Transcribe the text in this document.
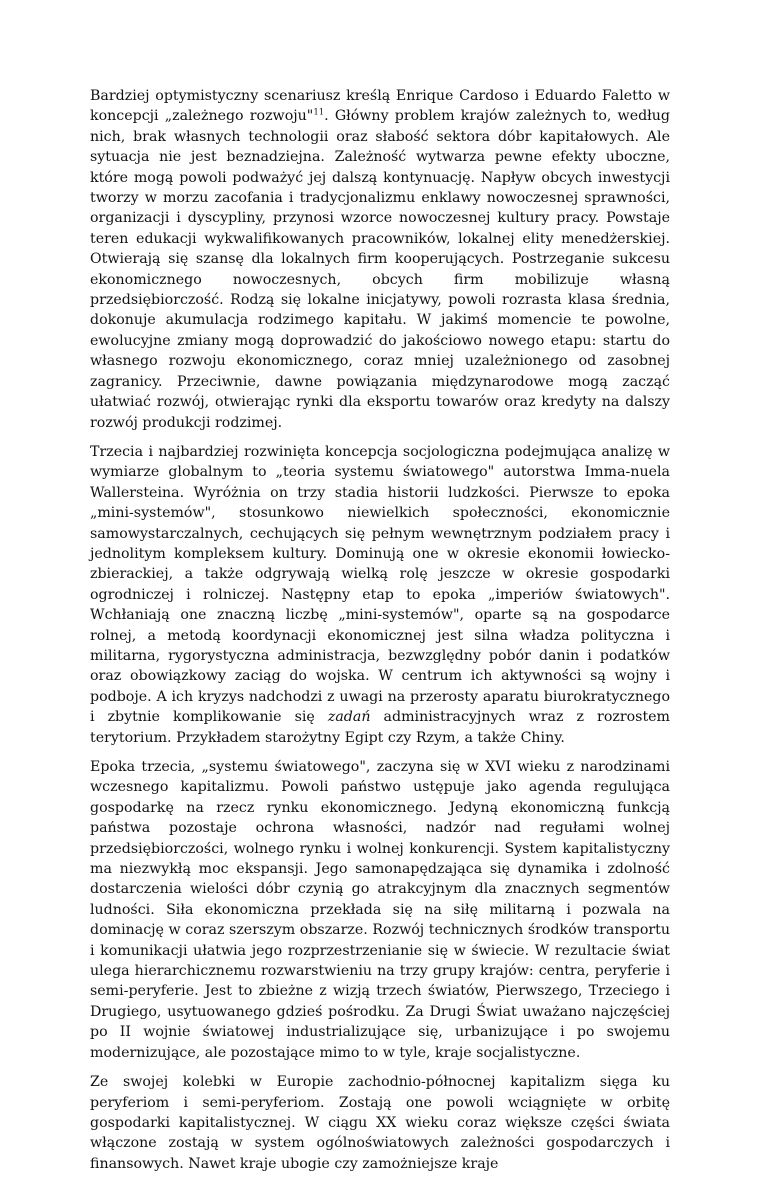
Bardziej optymistyczny scenariusz kreślą Enrique Cardoso i Eduardo Faletto w koncepcji „zależnego rozwoju"$^{11}$. Główny problem krajów zależnych to, według nich, brak własnych technologii oraz słabość sektora dóbr kapitałowych. Ale sytuacja nie jest beznadziejna. Zależność wytwarza pewne efekty uboczne, które mogą powoli podważyć jej dalszą kontynuację. Napływ obcych inwestycji tworzy w morzu zacofania i tradycjonalizmu enklawy nowoczesnej sprawności, organizacji i dyscypliny, przynosi wzorce nowoczesnej kultury pracy. Powstaje teren edukacji wykwalifikowanych pracowników, lokalnej elity menedżerskiej. Otwierają się szansę dla lokalnych firm kooperujących. Postrzeganie sukcesu ekonomicznego nowoczesnych, obcych firm mobilizuje własną przedsiębiorczość. Rodzą się lokalne inicjatywy, powoli rozrasta klasa średnia, dokonuje akumulacja rodzimego kapitału. W jakimś momencie te powolne, ewolucyjne zmiany mogą doprowadzić do jakościowo nowego etapu: startu do własnego rozwoju ekonomicznego, coraz mniej uzależnionego od zasobnej zagranicy. Przeciwnie, dawne powiązania międzynarodowe mogą zacząć ułatwiać rozwój, otwierając rynki dla eksportu towarów oraz kredyty na dalszy rozwój produkcji rodzimej.

Trzecia i najbardziej rozwinięta koncepcja socjologiczna podejmująca analizę w wymiarze globalnym to „teoria systemu światowego" autorstwa Imma-nuela Wallersteina. Wyróżnia on trzy stadia historii ludzkości. Pierwsze to epoka „mini-systemów", stosunkowo niewielkich społeczności, ekonomicznie samowystarczalnych, cechujących się pełnym wewnętrznym podziałem pracy i jednolitym kompleksem kultury. Dominują one w okresie ekonomii łowiecko-zbierackiej, a także odgrywają wielką rolę jeszcze w okresie gospodarki ogrodniczej i rolniczej. Następny etap to epoka „imperiów światowych". Wchłaniają one znaczną liczbę „mini-systemów", oparte są na gospodarce rolnej, a metodą koordynacji ekonomicznej jest silna władza polityczna i militarna, rygorystyczna administracja, bezwzględny pobór danin i podatków oraz obowiązkowy zaciąg do wojska. W centrum ich aktywności są wojny i podboje. A ich kryzys nadchodzi z uwagi na przerosty aparatu biurokratycznego i zbytnie komplikowanie się zadań administracyjnych wraz z rozrostem terytorium. Przykładem starożytny Egipt czy Rzym, a także Chiny.

Epoka trzecia, „systemu światowego", zaczyna się w XVI wieku z narodzinami wczesnego kapitalizmu. Powoli państwo ustępuje jako agenda regulująca gospodarkę na rzecz rynku ekonomicznego. Jedyną ekonomiczną funkcją państwa pozostaje ochrona własności, nadzór nad regułami wolnej przedsiębiorczości, wolnego rynku i wolnej konkurencji. System kapitalistyczny ma niezwykłą moc ekspansji. Jego samonapędzająca się dynamika i zdolność dostarczenia wielości dóbr czynią go atrakcyjnym dla znacznych segmentów ludności. Siła ekonomiczna przekłada się na siłę militarną i pozwala na dominację w coraz szerszym obszarze. Rozwój technicznych środków transportu i komunikacji ułatwia jego rozprzestrzenianie się w świecie. W rezultacie świat ulega hierarchicznemu rozwarstwieniu na trzy grupy krajów: centra, peryferie i semi-peryferie. Jest to zbieżne z wizją trzech światów, Pierwszego, Trzeciego i Drugiego, usytuowanego gdzieś pośrodku. Za Drugi Świat uważano najczęściej po II wojnie światowej industrializujące się, urbanizujące i po swojemu modernizujące, ale pozostające mimo to w tyle, kraje socjalistyczne.

Ze swojej kolebki w Europie zachodnio-północnej kapitalizm sięga ku peryferiom i semi-peryferiom. Zostają one powoli wciągnięte w orbitę gospodarki kapitalistycznej. W ciągu XX wieku coraz większe części świata włączone zostają w system ogólnoświatowych zależności gospodarczych i finansowych. Nawet kraje ubogie czy zamożniejsze kraje
